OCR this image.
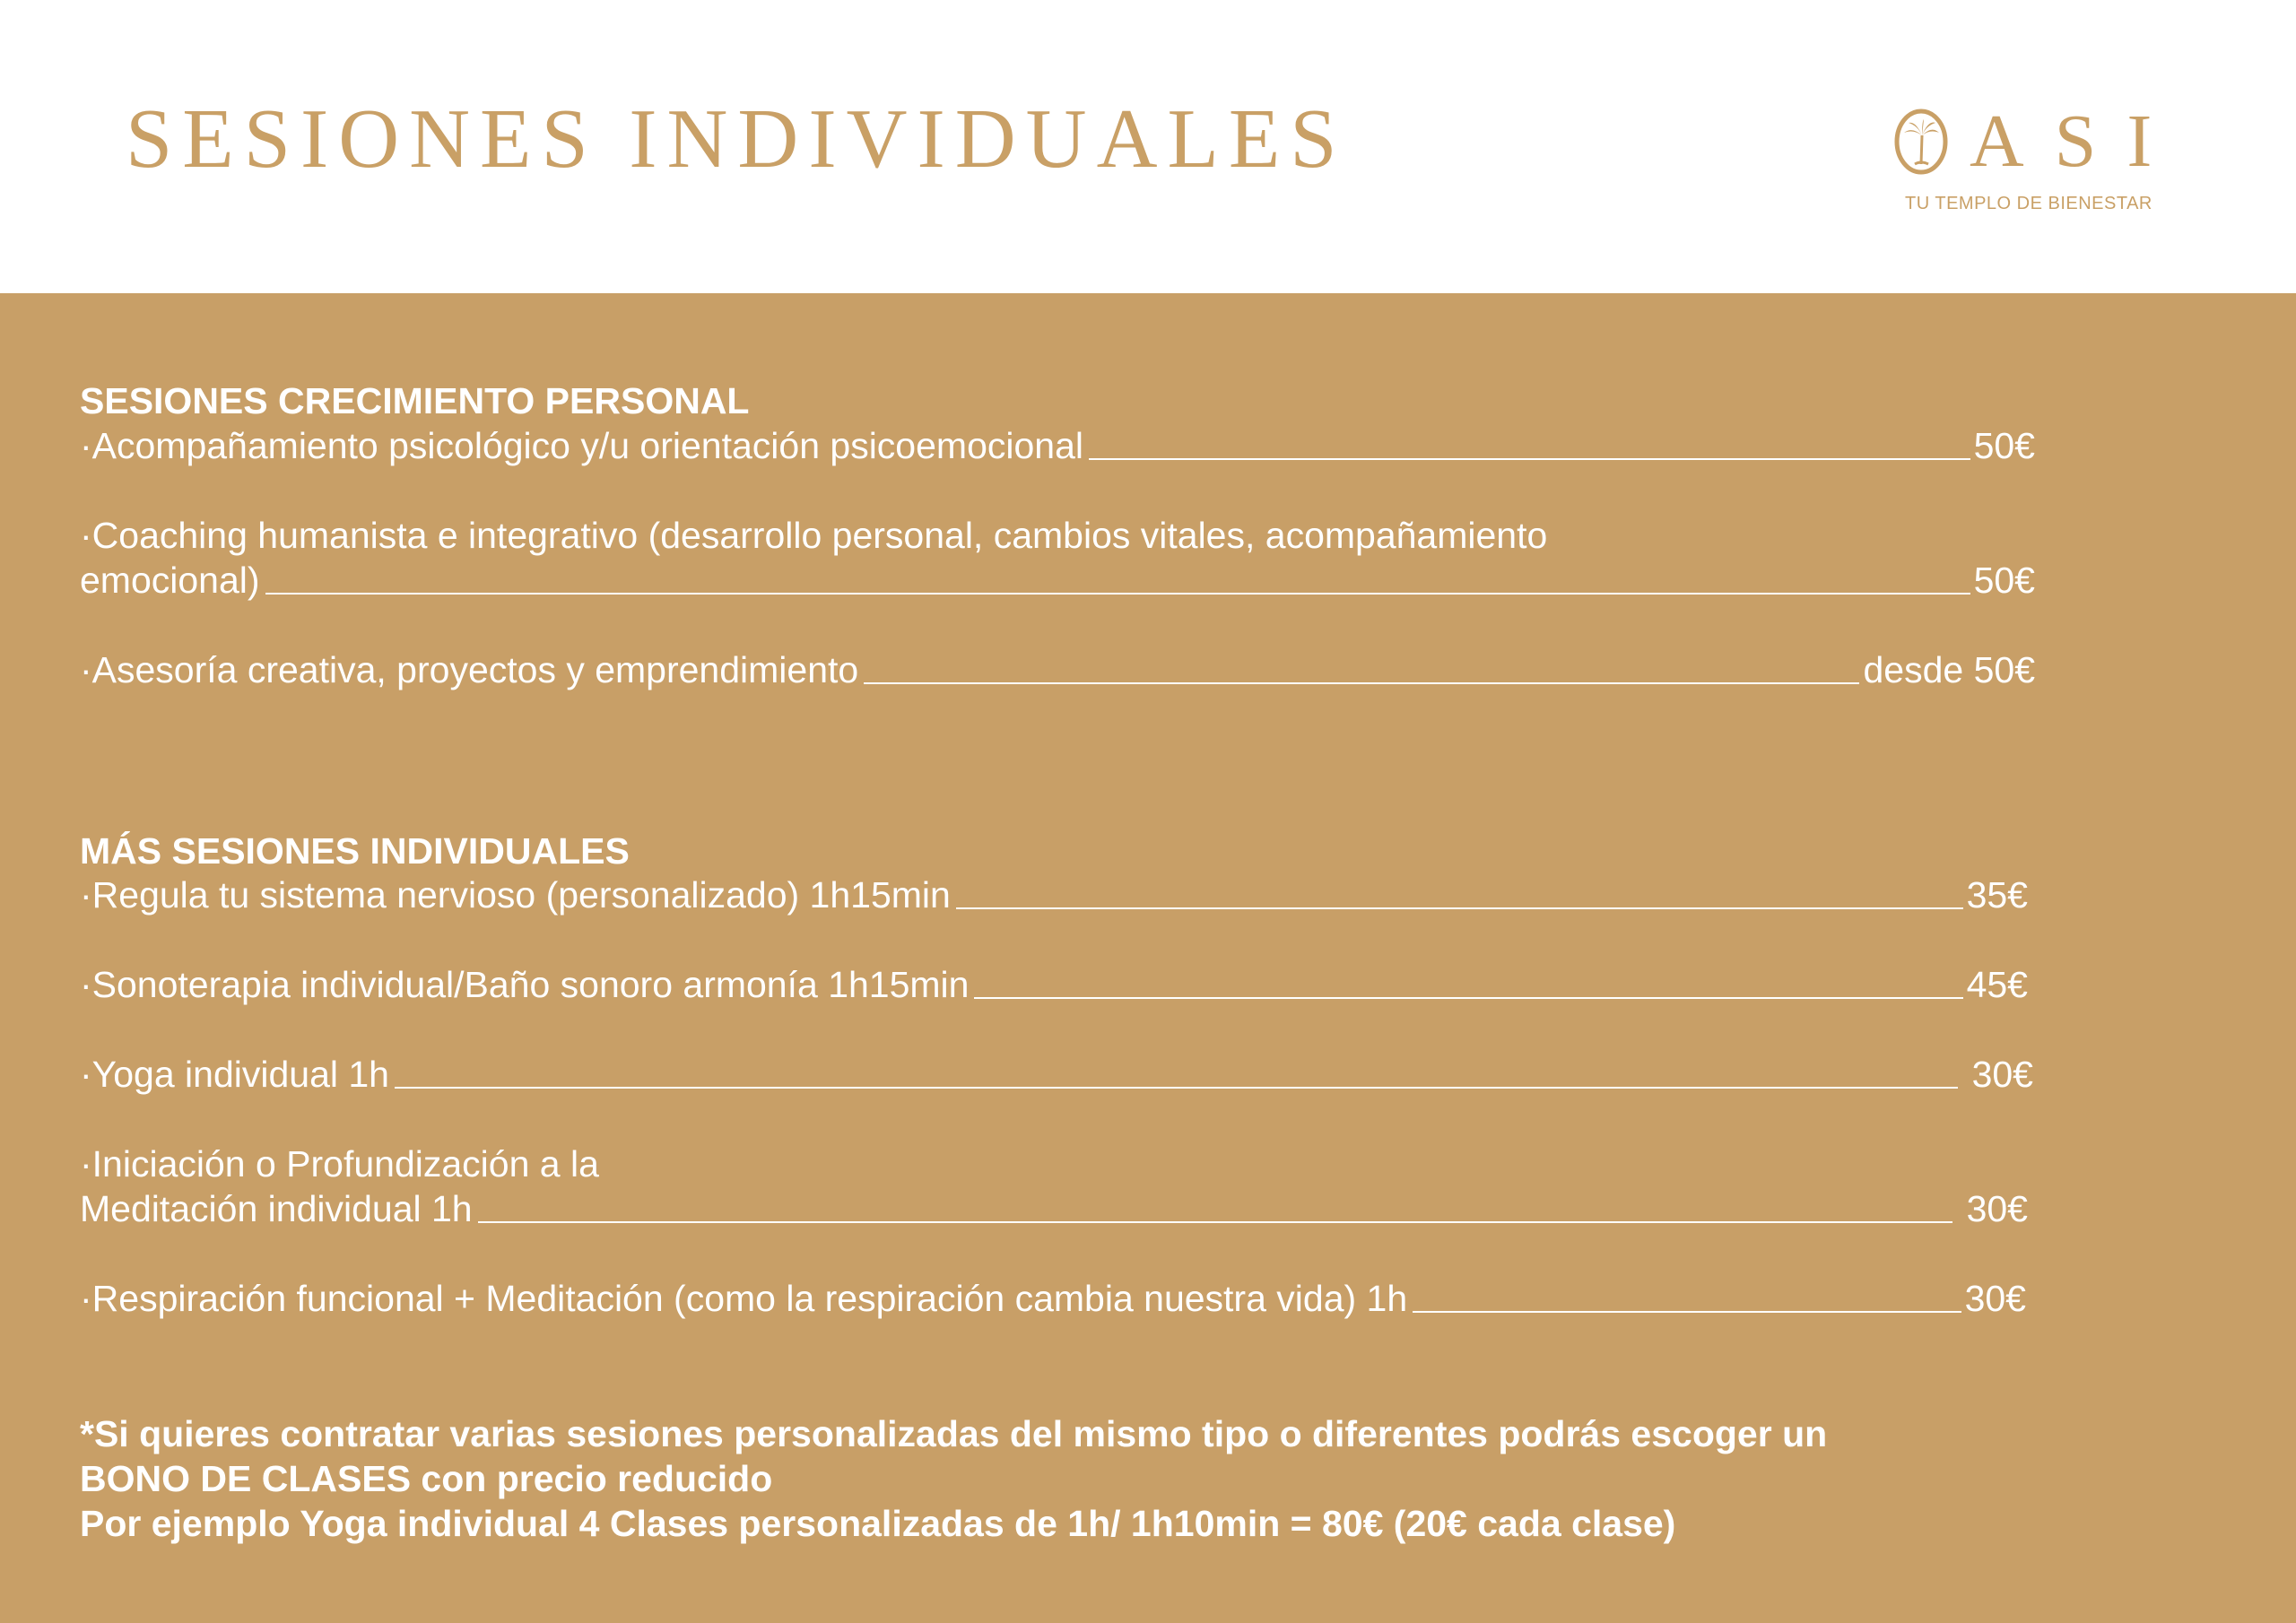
SESIONES INDIVIDUALES	A S I
TU TEMPLO DE BIENESTAR
SESIONES CRECIMIENTO PERSONAL
·Acompañamiento psicológico y/u orientación psicoemocional	50€
·Coaching humanista e integrativo (desarrollo personal, cambios vitales, acompañamiento
emocional)	50€
·Asesoría creativa, proyectos y emprendimiento	desde 50€
MÁS SESIONES INDIVIDUALES
·Regula tu sistema nervioso (personalizado) 1h15min	35€
·Sonoterapia individual/Baño sonoro armonía 1h15min	45€
·Yoga individual 1h	30€
·Iniciación o Profundización a la
Meditación individual 1h	30€
·Respiración funcional + Meditación (como la respiración cambia nuestra vida) 1h	30€
*Si quieres contratar varias sesiones personalizadas del mismo tipo o diferentes podrás escoger un
BONO DE CLASES con precio reducido
Por ejemplo Yoga individual 4 Clases personalizadas de 1h/ 1h10min = 80€ (20€ cada clase)
